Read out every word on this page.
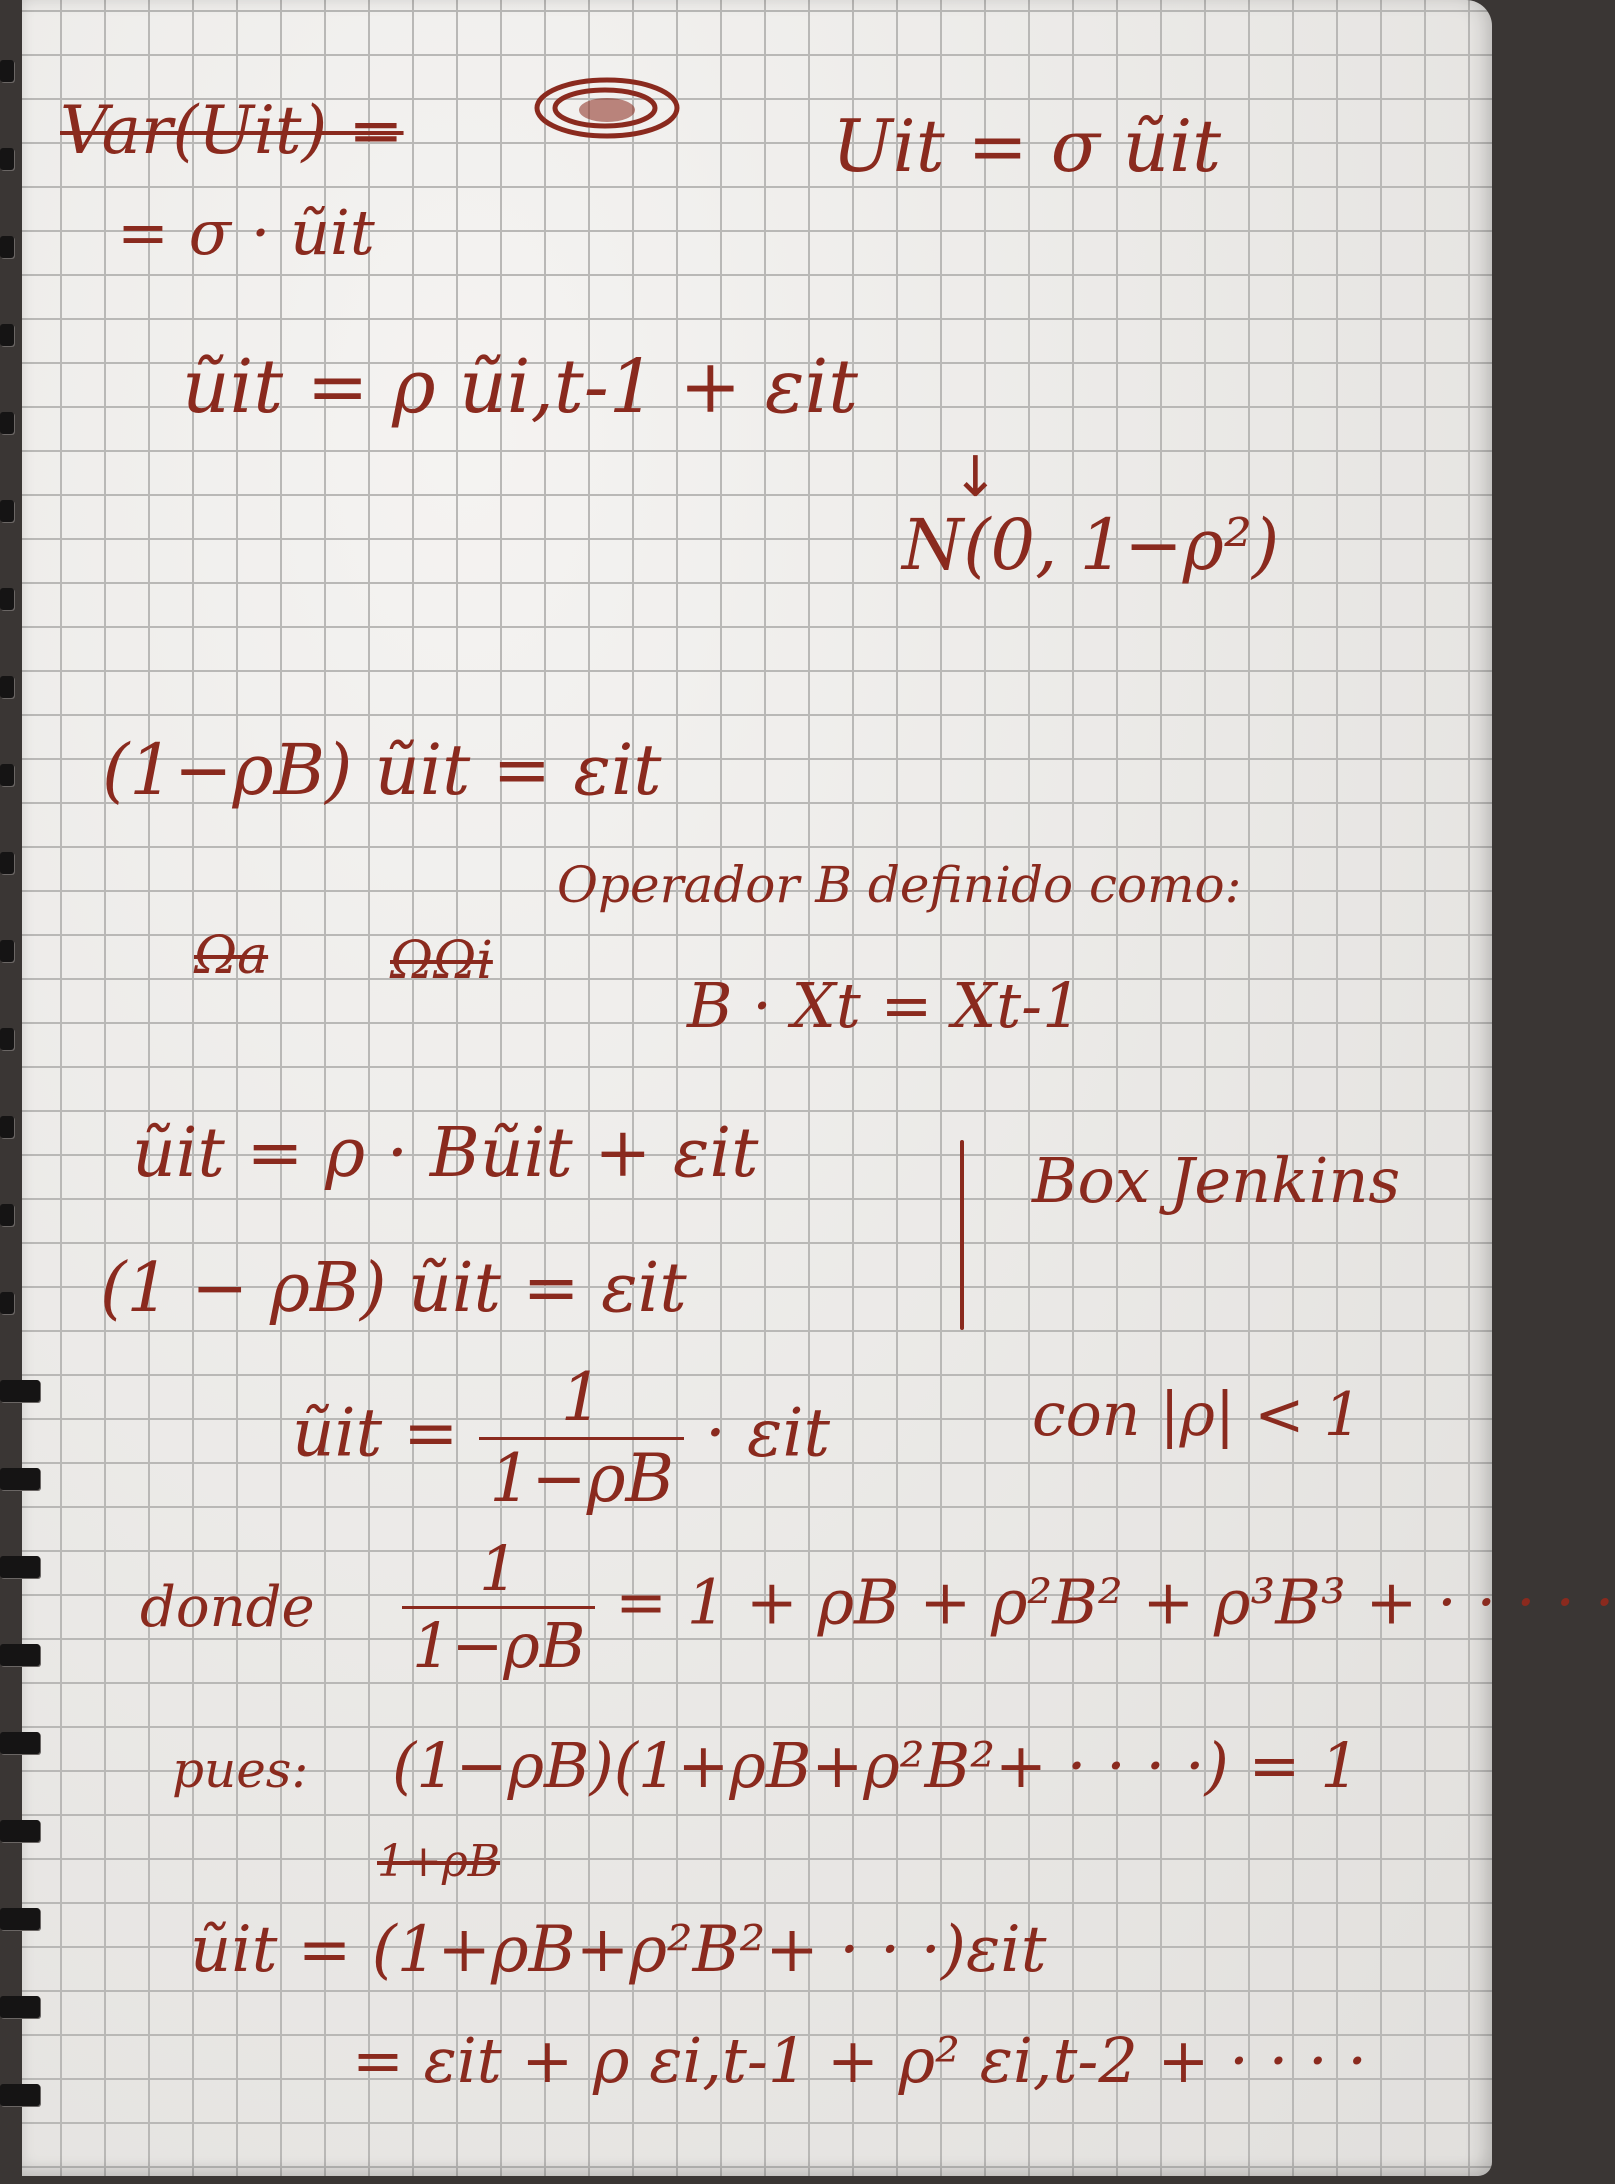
Var(Uit) =
= σ · ũit
Uit = σ ũit
ũit = ρ ũi,t-1 + εit
↓
N(0, 1−ρ²)
(1−ρB) ũit = εit
Operador B definido como:
Ωa ΩΩi
B · Xt = Xt-1
ũit = ρ · Bũit + εit	Box Jenkins
(1 − ρB) ũit = εit
ũit = $\frac{1}{1-\rho B} \cdot \varepsilon it$	con |ρ| < 1
donde $\frac{1}{1-\rho B} = 1 + \rho B + \rho^2B^2 + \rho^3B^3$ + · · · · ·
pues: (1−ρB)(1+ρB+ρ²B²+ · · · ·) = 1
1+ρB
ũit = (1+ρB+ρ²B²+ · · ·)εit
= εit + ρ εi,t-1 + ρ² εi,t-2 + · · · ·
